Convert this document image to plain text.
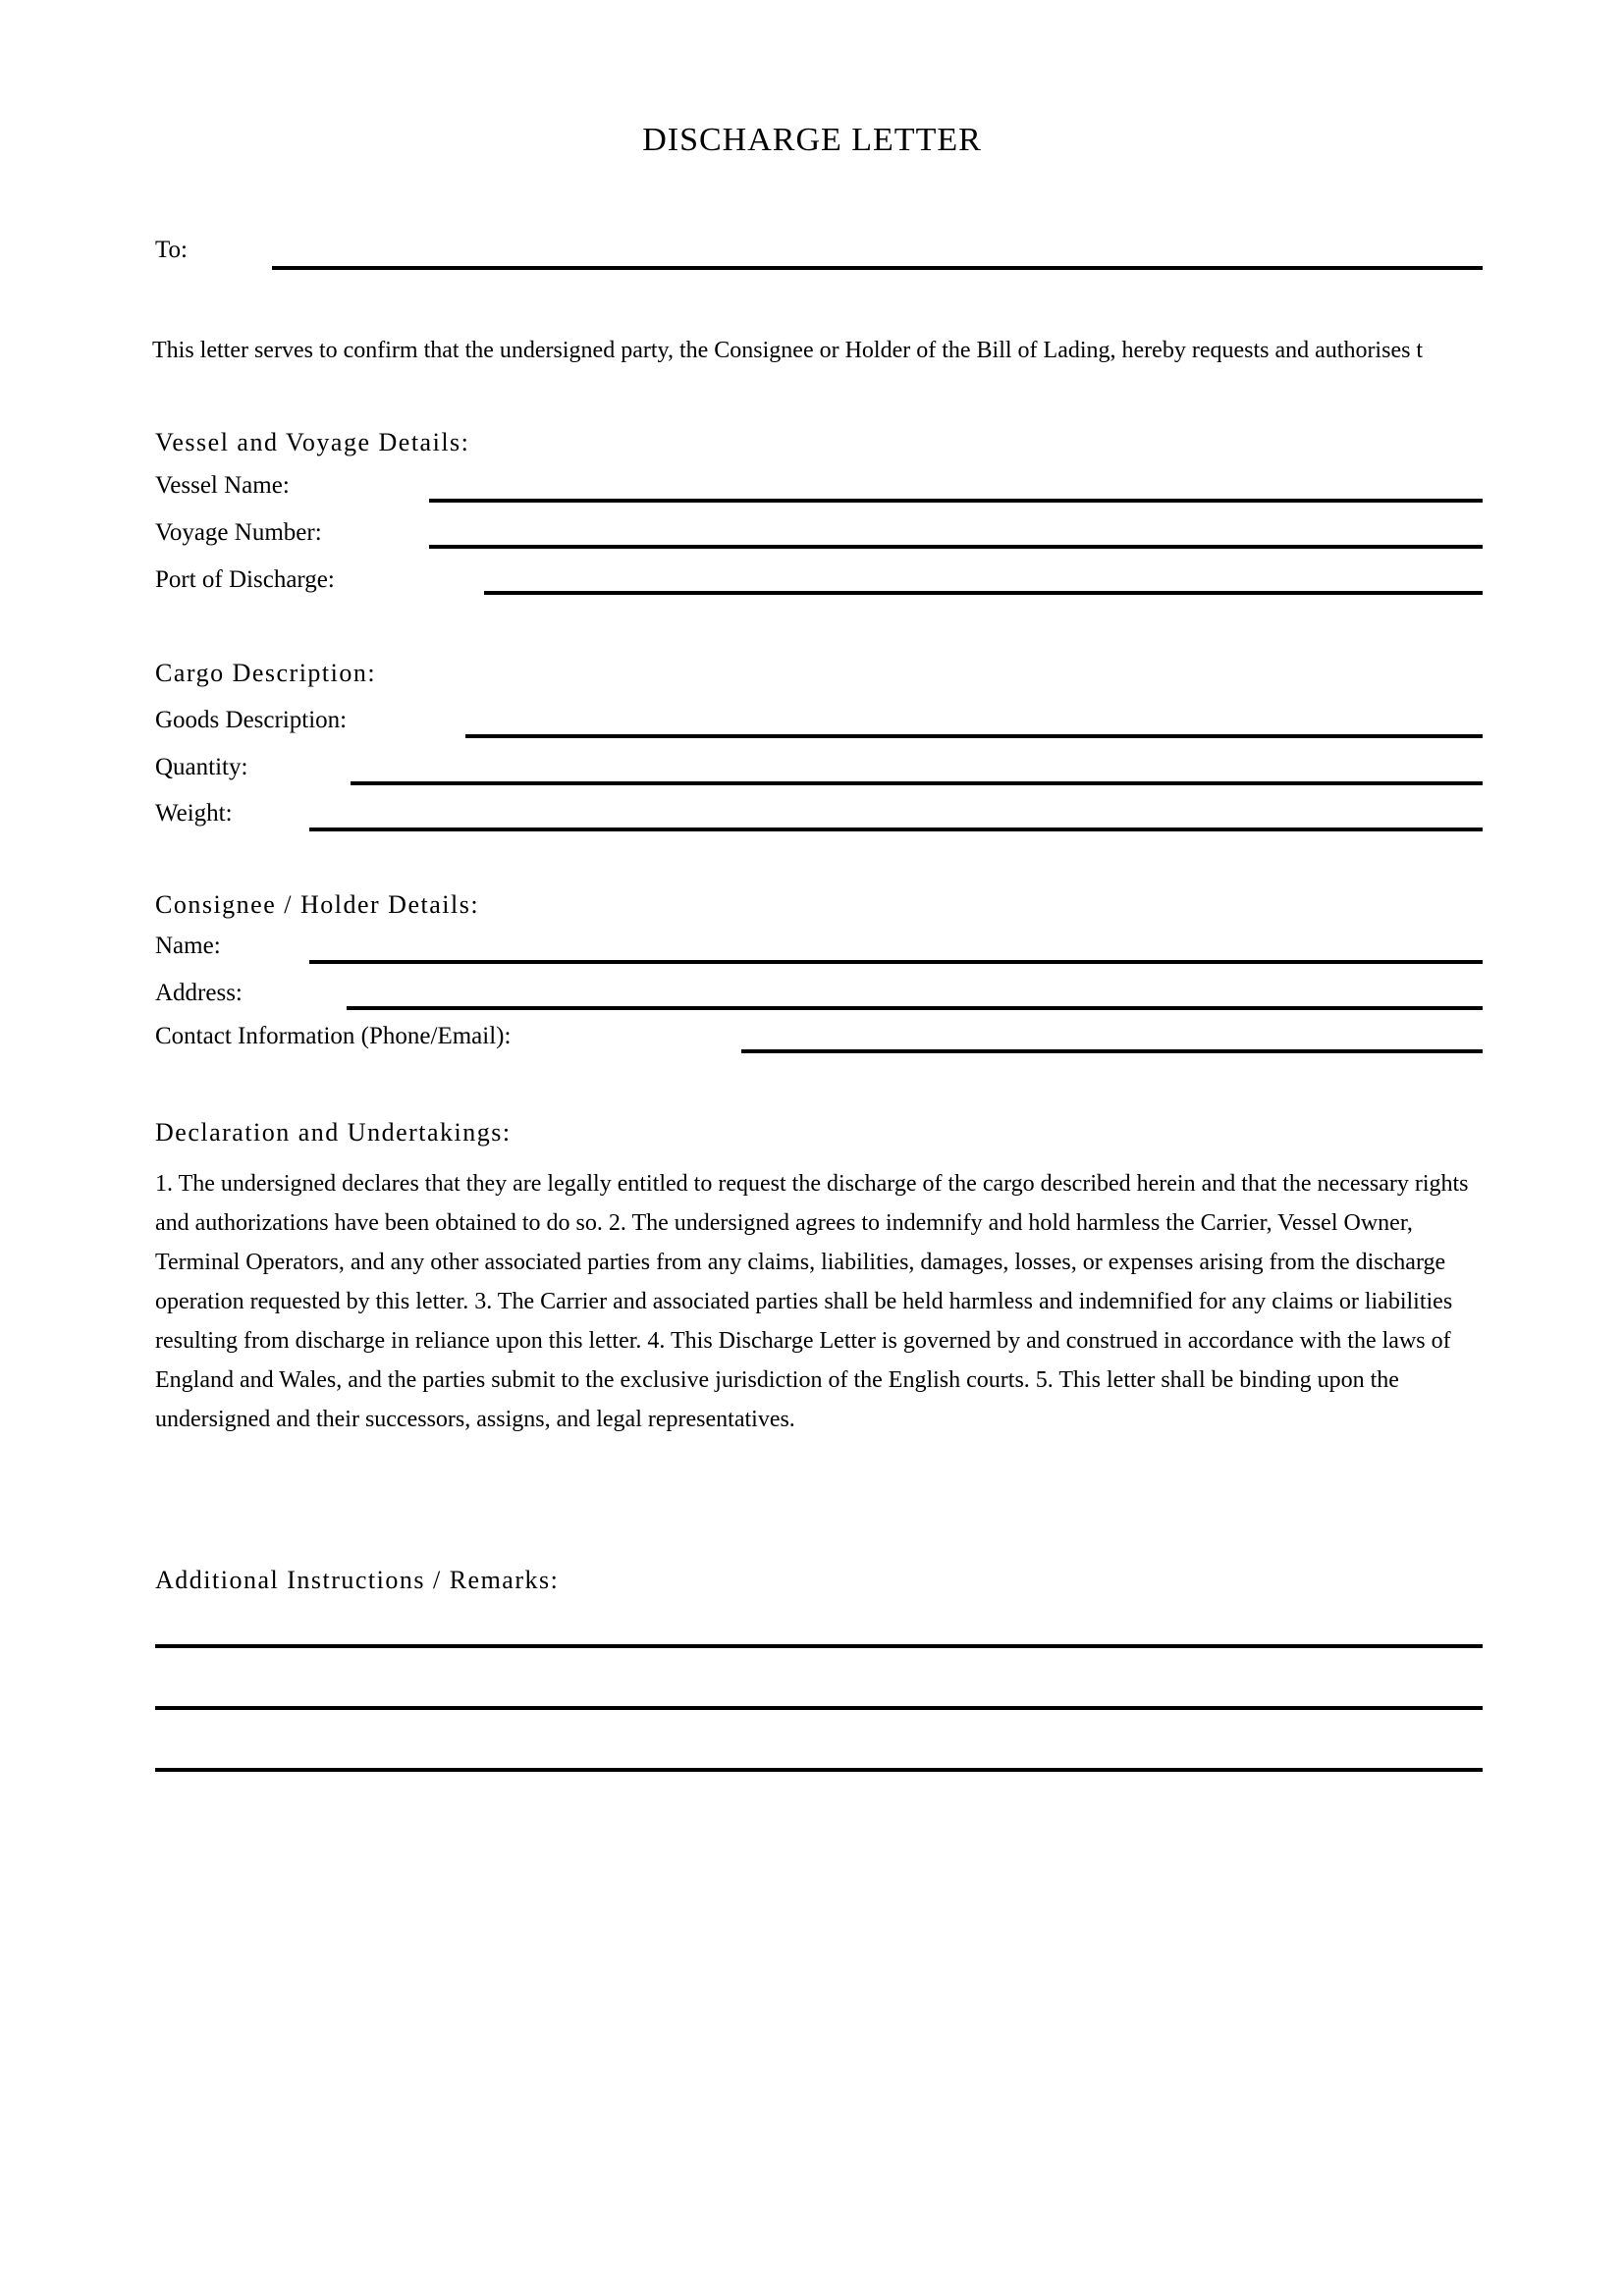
DISCHARGE LETTER
To:
This letter serves to confirm that the undersigned party, the Consignee or Holder of the Bill of Lading, hereby requests and authorises t
Vessel and Voyage Details:
Vessel Name:
Voyage Number:
Port of Discharge:
Cargo Description:
Goods Description:
Quantity:
Weight:
Consignee / Holder Details:
Name:
Address:
Contact Information (Phone/Email):
Declaration and Undertakings:
1. The undersigned declares that they are legally entitled to request the discharge of the cargo described herein and that the necessary rights and authorizations have been obtained to do so. 2. The undersigned agrees to indemnify and hold harmless the Carrier, Vessel Owner, Terminal Operators, and any other associated parties from any claims, liabilities, damages, losses, or expenses arising from the discharge operation requested by this letter. 3. The Carrier and associated parties shall be held harmless and indemnified for any claims or liabilities resulting from discharge in reliance upon this letter. 4. This Discharge Letter is governed by and construed in accordance with the laws of England and Wales, and the parties submit to the exclusive jurisdiction of the English courts. 5. This letter shall be binding upon the undersigned and their successors, assigns, and legal representatives.
Additional Instructions / Remarks:
